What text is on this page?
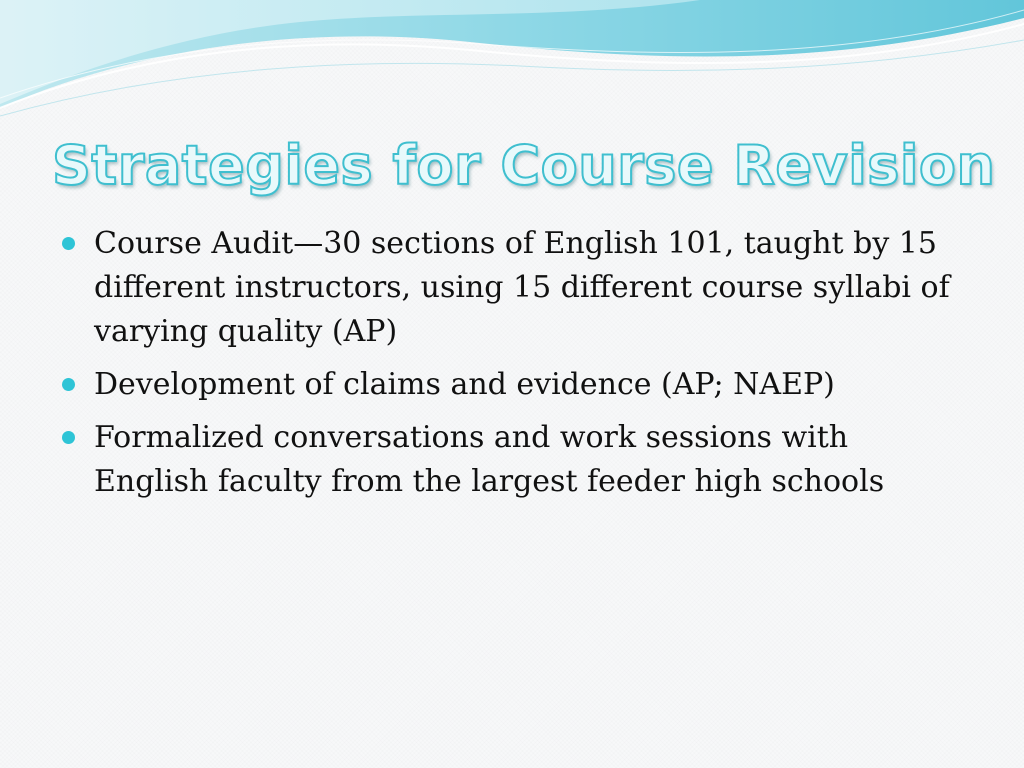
Strategies for Course Revision
Course Audit—30 sections of English 101, taught by 15 different instructors, using 15 different course syllabi of varying quality (AP)
Development of claims and evidence (AP; NAEP)
Formalized conversations and work sessions with English faculty from the largest feeder high schools
